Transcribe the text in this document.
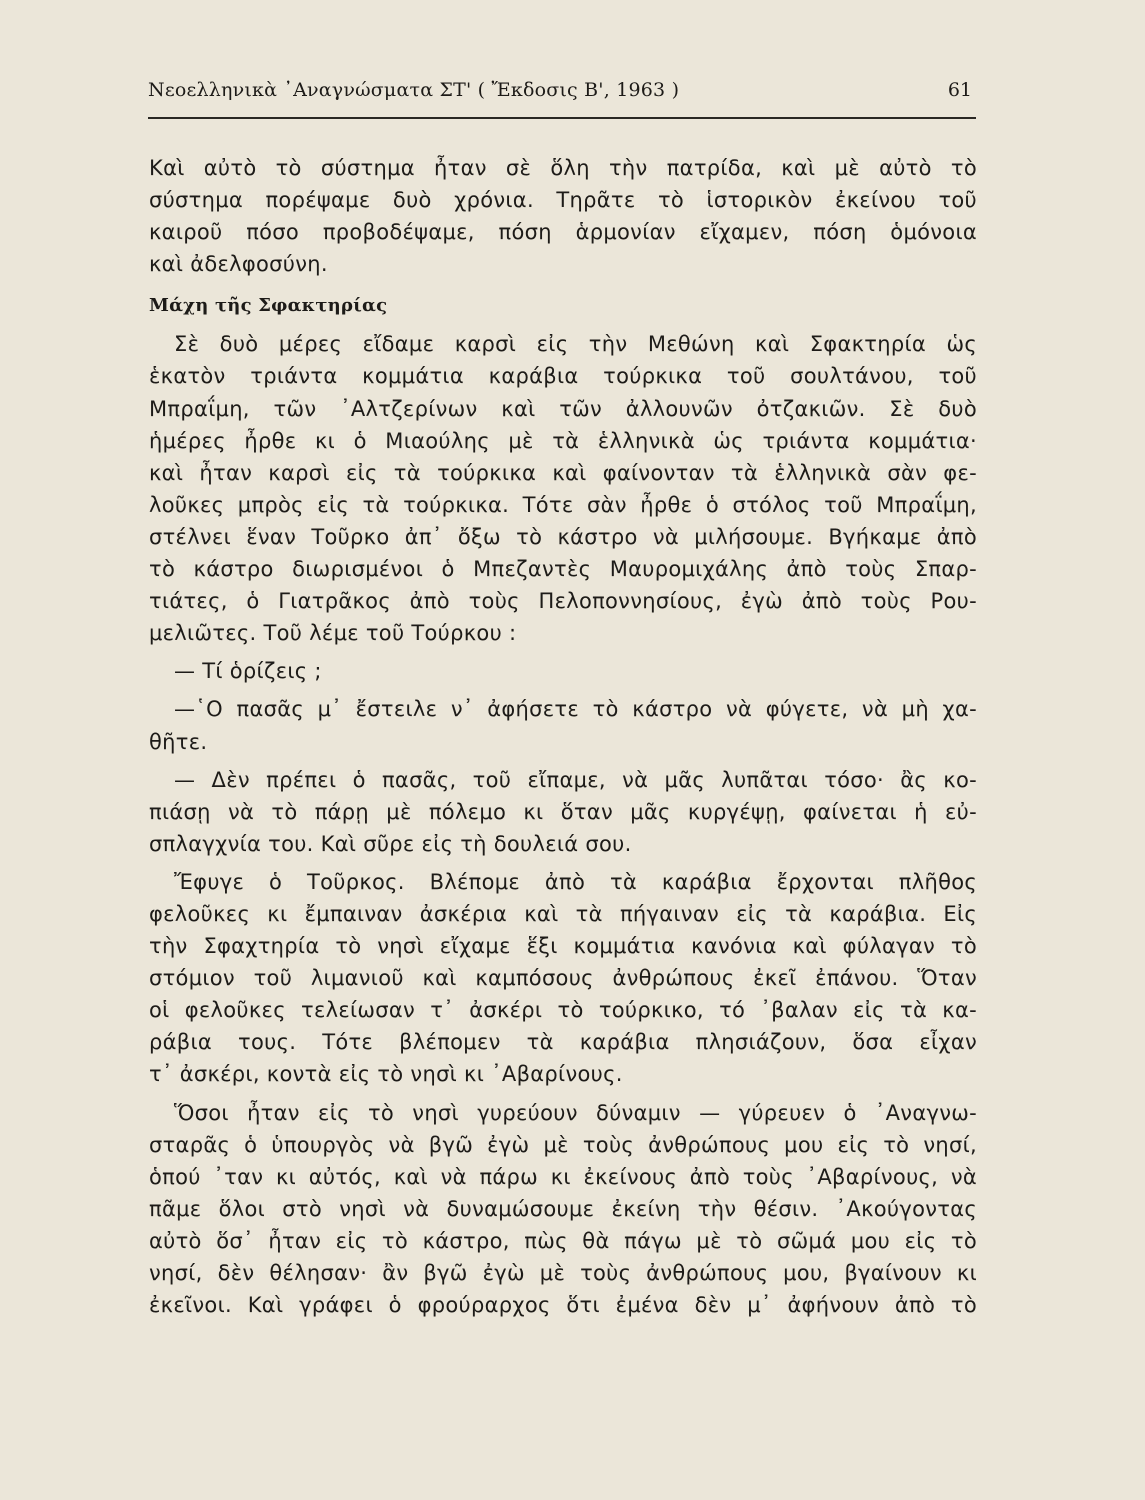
Νεοελληνικὰ ᾿Αναγνώσματα ΣΤ' ( Ἔκδοσις Β', 1963 )	61
Καὶ αὐτὸ τὸ σύστημα ἦταν σὲ ὅλη τὴν πατρίδα, καὶ μὲ αὐτὸ τὸ
σύστημα πορέψαμε δυὸ χρόνια. Τηρᾶτε τὸ ἱστορικὸν ἐκείνου τοῦ
καιροῦ πόσο προβοδέψαμε, πόση ἁρμονίαν εἴχαμεν, πόση ὁμόνοια
καὶ ἀδελφοσύνη.
Μάχη τῆς Σφακτηρίας
Σὲ δυὸ μέρες εἴδαμε καρσὶ εἰς τὴν Μεθώνη καὶ Σφακτηρία ὡς
ἑκατὸν τριάντα κομμάτια καράβια τούρκικα τοῦ σουλτάνου, τοῦ
Μπραΐμη, τῶν ᾿Αλτζερίνων καὶ τῶν ἀλλουνῶν ὀτζακιῶν. Σὲ δυὸ
ἡμέρες ἦρθε κι ὁ Μιαούλης μὲ τὰ ἑλληνικὰ ὡς τριάντα κομμάτια·
καὶ ἦταν καρσὶ εἰς τὰ τούρκικα καὶ φαίνονταν τὰ ἑλληνικὰ σὰν φε-
λοῦκες μπρὸς εἰς τὰ τούρκικα. Τότε σὰν ἦρθε ὁ στόλος τοῦ Μπραΐμη,
στέλνει ἕναν Τοῦρκο ἀπ᾿ ὄξω τὸ κάστρο νὰ μιλήσουμε. Βγήκαμε ἀπὸ
τὸ κάστρο διωρισμένοι ὁ Μπεζαντὲς Μαυρομιχάλης ἀπὸ τοὺς Σπαρ-
τιάτες, ὁ Γιατρᾶκος ἀπὸ τοὺς Πελοποννησίους, ἐγὼ ἀπὸ τοὺς Ρου-
μελιῶτες. Τοῦ λέμε τοῦ Τούρκου :
— Τί ὁρίζεις ;
—῾Ο πασᾶς μ᾿ ἔστειλε ν᾿ ἀφήσετε τὸ κάστρο νὰ φύγετε, νὰ μὴ χα-
θῆτε.
— Δὲν πρέπει ὁ πασᾶς, τοῦ εἴπαμε, νὰ μᾶς λυπᾶται τόσο· ἂς κο-
πιάσῃ νὰ τὸ πάρῃ μὲ πόλεμο κι ὅταν μᾶς κυργέψῃ, φαίνεται ἡ εὐ-
σπλαγχνία του. Καὶ σῦρε εἰς τὴ δουλειά σου.
Ἔφυγε ὁ Τοῦρκος. Βλέπομε ἀπὸ τὰ καράβια ἔρχονται πλῆθος
φελοῦκες κι ἔμπαιναν ἀσκέρια καὶ τὰ πήγαιναν εἰς τὰ καράβια. Εἰς
τὴν Σφαχτηρία τὸ νησὶ εἴχαμε ἕξι κομμάτια κανόνια καὶ φύλαγαν τὸ
στόμιον τοῦ λιμανιοῦ καὶ καμπόσους ἀνθρώπους ἐκεῖ ἐπάνου. Ὅταν
οἱ φελοῦκες τελείωσαν τ᾿ ἀσκέρι τὸ τούρκικο, τό ᾿βαλαν εἰς τὰ κα-
ράβια τους. Τότε βλέπομεν τὰ καράβια πλησιάζουν, ὅσα εἶχαν
τ᾿ ἀσκέρι, κοντὰ εἰς τὸ νησὶ κι ᾿Αβαρίνους.
Ὅσοι ἦταν εἰς τὸ νησὶ γυρεύουν δύναμιν — γύρευεν ὁ ᾿Αναγνω-
σταρᾶς ὁ ὑπουργὸς νὰ βγῶ ἐγὼ μὲ τοὺς ἀνθρώπους μου εἰς τὸ νησί,
ὁπού ᾿ταν κι αὐτός, καὶ νὰ πάρω κι ἐκείνους ἀπὸ τοὺς ᾿Αβαρίνους, νὰ
πᾶμε ὅλοι στὸ νησὶ νὰ δυναμώσουμε ἐκείνη τὴν θέσιν. ᾿Ακούγοντας
αὐτὸ ὅσ᾿ ἦταν εἰς τὸ κάστρο, πὼς θὰ πάγω μὲ τὸ σῶμά μου εἰς τὸ
νησί, δὲν θέλησαν· ἂν βγῶ ἐγὼ μὲ τοὺς ἀνθρώπους μου, βγαίνουν κι
ἐκεῖνοι. Καὶ γράφει ὁ φρούραρχος ὅτι ἐμένα δὲν μ᾿ ἀφήνουν ἀπὸ τὸ
